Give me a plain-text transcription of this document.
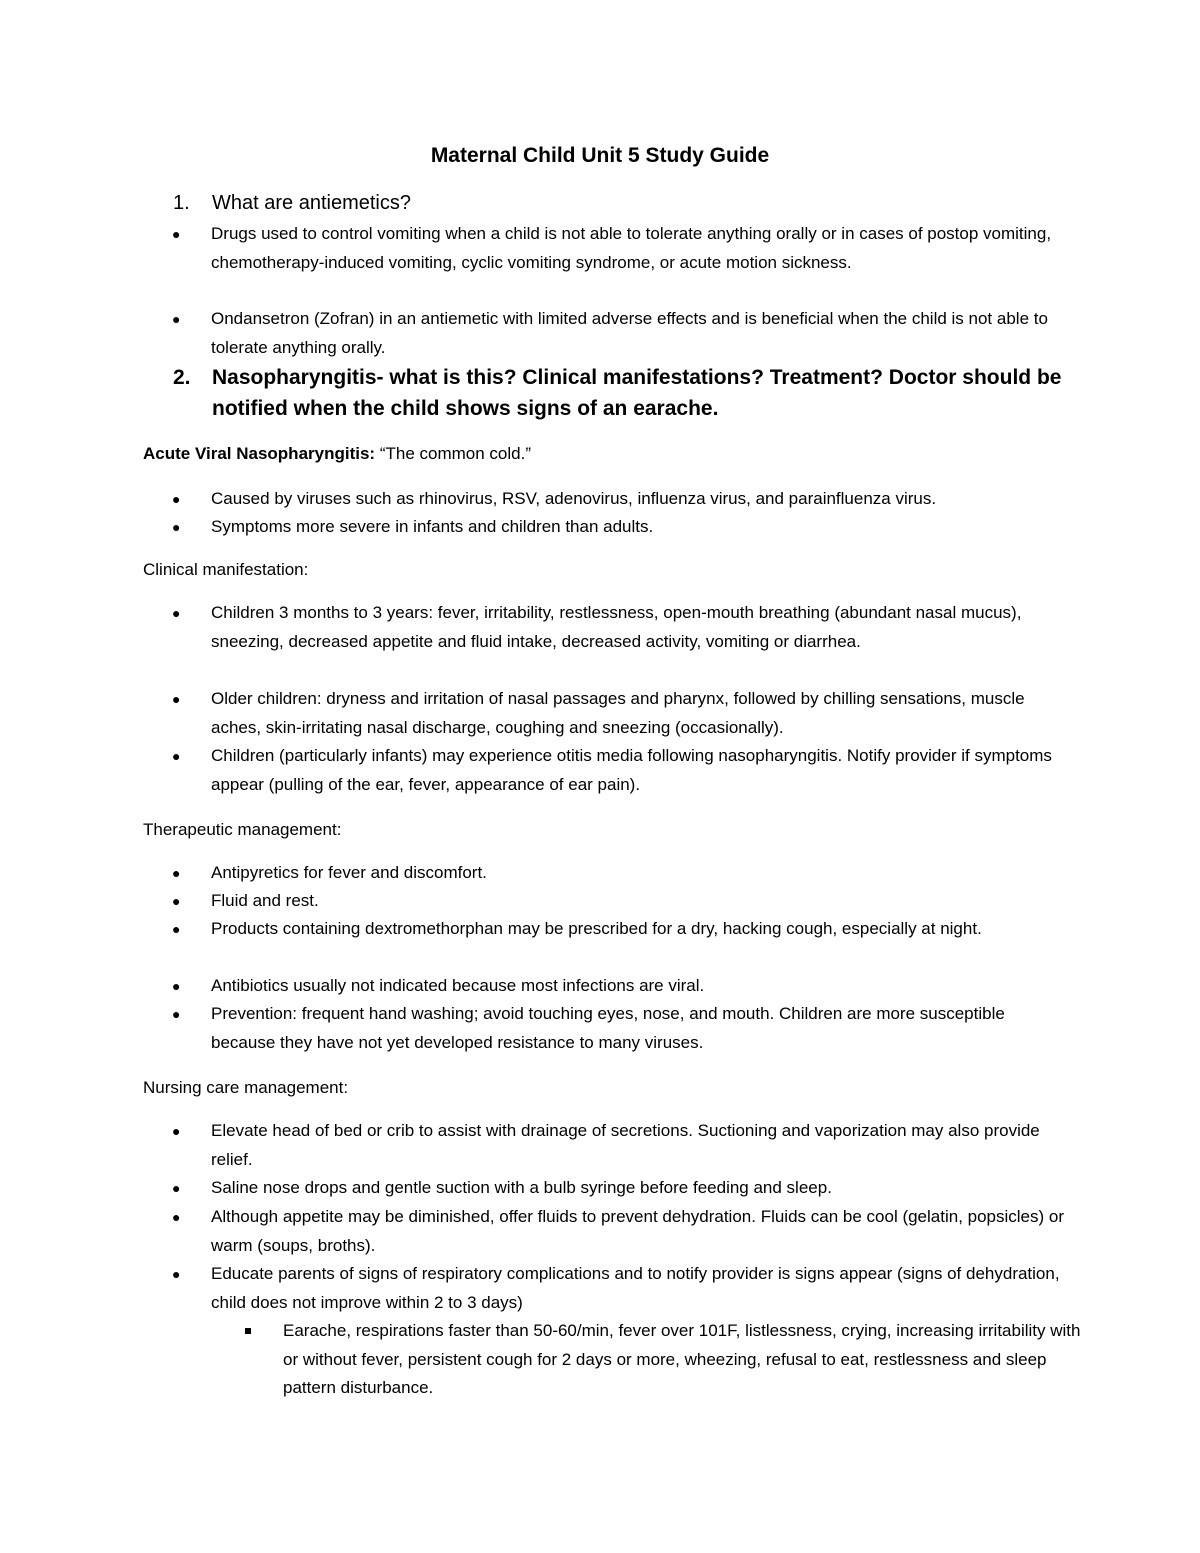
Maternal Child Unit 5 Study Guide
1. What are antiemetics?
● Drugs used to control vomiting when a child is not able to tolerate anything orally or in cases of postop vomiting, chemotherapy-induced vomiting, cyclic vomiting syndrome, or acute motion sickness.
● Ondansetron (Zofran) in an antiemetic with limited adverse effects and is beneficial when the child is not able to tolerate anything orally.
2. Nasopharyngitis- what is this? Clinical manifestations? Treatment? Doctor should be notified when the child shows signs of an earache.
Acute Viral Nasopharyngitis: “The common cold.”
● Caused by viruses such as rhinovirus, RSV, adenovirus, influenza virus, and parainfluenza virus.
● Symptoms more severe in infants and children than adults.
Clinical manifestation:
● Children 3 months to 3 years: fever, irritability, restlessness, open-mouth breathing (abundant nasal mucus), sneezing, decreased appetite and fluid intake, decreased activity, vomiting or diarrhea.
● Older children: dryness and irritation of nasal passages and pharynx, followed by chilling sensations, muscle aches, skin-irritating nasal discharge, coughing and sneezing (occasionally).
● Children (particularly infants) may experience otitis media following nasopharyngitis. Notify provider if symptoms appear (pulling of the ear, fever, appearance of ear pain).
Therapeutic management:
● Antipyretics for fever and discomfort.
● Fluid and rest.
● Products containing dextromethorphan may be prescribed for a dry, hacking cough, especially at night.
● Antibiotics usually not indicated because most infections are viral.
● Prevention: frequent hand washing; avoid touching eyes, nose, and mouth. Children are more susceptible because they have not yet developed resistance to many viruses.
Nursing care management:
● Elevate head of bed or crib to assist with drainage of secretions. Suctioning and vaporization may also provide relief.
● Saline nose drops and gentle suction with a bulb syringe before feeding and sleep.
● Although appetite may be diminished, offer fluids to prevent dehydration. Fluids can be cool (gelatin, popsicles) or warm (soups, broths).
● Educate parents of signs of respiratory complications and to notify provider is signs appear (signs of dehydration, child does not improve within 2 to 3 days)
Earache, respirations faster than 50-60/min, fever over 101F, listlessness, crying, increasing irritability with or without fever, persistent cough for 2 days or more, wheezing, refusal to eat, restlessness and sleep pattern disturbance.
